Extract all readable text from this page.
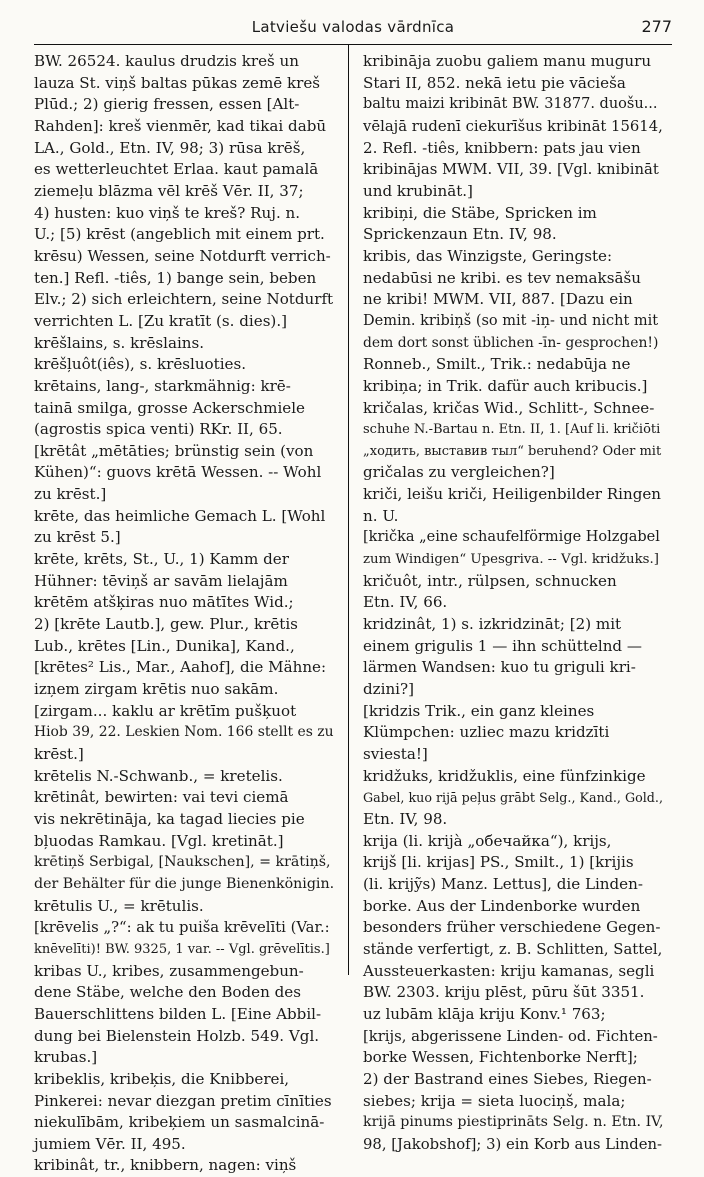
Latviešu valodas vārdnīca	277
BW. 26524. kaulus drudzis kreš un
lauza St. viņš baltas pūkas zemē kreš
Plūd.; 2) gierig fressen, essen [Alt-
Rahden]: kreš vienmēr, kad tikai dabū
LA., Gold., Etn. IV, 98; 3) rūsa krēš,
es wetterleuchtet Erlaa. kaut pamalā
ziemeļu blāzma vēl krēš Vēr. II, 37;
4) husten: kuo viņš te kreš? Ruj. n.
U.; [5) krēst (angeblich mit einem prt.
krēsu) Wessen, seine Notdurft verrich-
ten.] Refl. -tiês, 1) bange sein, beben
Elv.; 2) sich erleichtern, seine Notdurft
verrichten L. [Zu kratīt (s. dies).]
krēšlains, s. krēslains.
krēšļuôt(iês), s. krēsluoties.
krētains, lang-, starkmähnig: krē-
tainā smilga, grosse Ackerschmiele
(agrostis spica venti) RKr. II, 65.
[krētât „mētāties; brünstig sein (von
Kühen)“: guovs krētā Wessen. -- Wohl
zu krēst.]
krēte, das heimliche Gemach L. [Wohl
zu krēst 5.]
krēte, krēts, St., U., 1) Kamm der
Hühner: tēviņš ar savām lielajām
krētēm atšķiras nuo mātītes Wid.;
2) [krēte Lautb.], gew. Plur., krētis
Lub., krētes [Lin., Dunika], Kand.,
[krētes² Lis., Mar., Aahof], die Mähne:
izņem zirgam krētis nuo sakām.
[zirgam... kaklu ar krētīm pušķuot
Hiob 39, 22. Leskien Nom. 166 stellt es zu
krēst.]
krētelis N.-Schwanb., = kretelis.
krētinât, bewirten: vai tevi ciemā
vis nekrētināja, ka tagad liecies pie
bļuodas Ramkau. [Vgl. kretināt.]
krētiņš Serbigal, [Naukschen], = krātiņš,
der Behälter für die junge Bienenkönigin.
krētulis U., = krētulis.
[krēvelis „?“: ak tu puiša krēvelīti (Var.:
knēvelīti)! BW. 9325, 1 var. -- Vgl. grēvelītis.]
kribas U., kribes, zusammengebun-
dene Stäbe, welche den Boden des
Bauerschlittens bilden L. [Eine Abbil-
dung bei Bielenstein Holzb. 549. Vgl.
krubas.]
kribeklis, kribeķis, die Knibberei,
Pinkerei: nevar diezgan pretim cīnīties
niekulībām, kribeķiem un sasmalcinā-
jumiem Vēr. II, 495.
kribinât, tr., knibbern, nagen: viņš
kribināja zuobu galiem manu muguru
Stari II, 852. nekā ietu pie vāciešа
baltu maizi kribināt BW. 31877. duošu...
vēlajā rudenī ciekurīšus kribināt 15614,
2. Refl. -tiês, knibbern: pats jau vien
kribinājas MWM. VII, 39. [Vgl. knibināt
und krubināt.]
kribiņi, die Stäbe, Spricken im
Sprickenzaun Etn. IV, 98.
kribis, das Winzigste, Geringste:
nedabūsi ne kribi. es tev nemaksāšu
ne kribi! MWM. VII, 887. [Dazu ein
Demin. kribiņš (so mit -iņ- und nicht mit
dem dort sonst üblichen -īn- gesprochen!)
Ronneb., Smilt., Trik.: nedabūja ne
kribiņa; in Trik. dafür auch kribucis.]
kričalas, kričas Wid., Schlitt-, Schnee-
schuhe N.-Bartau n. Etn. II, 1. [Auf li. kričiōti
„ходить, выставив тыл“ beruhend? Oder mit
gričalas zu vergleichen?]
kriči, leišu kriči, Heiligenbilder Ringen
n. U.
[krička „eine schaufelförmige Holzgabel
zum Windigen“ Upesgriva. -- Vgl. kridžuks.]
kričuôt, intr., rülpsen, schnucken
Etn. IV, 66.
kridzinât, 1) s. izkridzināt; [2) mit
einem grigulis 1 — ihn schüttelnd —
lärmen Wandsen: kuo tu griguli kri-
dzini?]
[kridzis Trik., ein ganz kleines
Klümpchen: uzliec mazu kridzīti
sviesta!]
kridžuks, kridžuklis, eine fünfzinkige
Gabel, kuo rijā peļus grābt Selg., Kand., Gold.,
Etn. IV, 98.
krija (li. krijà „обечайка“), krijs,
krijš [li. krijas] PS., Smilt., 1) [krijis
(li. krijỹs) Manz. Lettus], die Linden-
borke. Aus der Lindenborke wurden
besonders früher verschiedene Gegen-
stände verfertigt, z. B. Schlitten, Sattel,
Aussteuerkasten: kriju kamanas, seglі
BW. 2303. kriju plēst, pūru šūt 3351.
uz lubām klāja kriju Konv.¹ 763;
[krijs, abgerissene Linden- od. Fichten-
borke Wessen, Fichtenborke Nerft];
2) der Bastrand eines Siebes, Riegen-
siebes; krija = sieta luociņš, mala;
krijā pinums piestiprināts Selg. n. Etn. IV,
98, [Jakobshof]; 3) ein Korb aus Linden-
